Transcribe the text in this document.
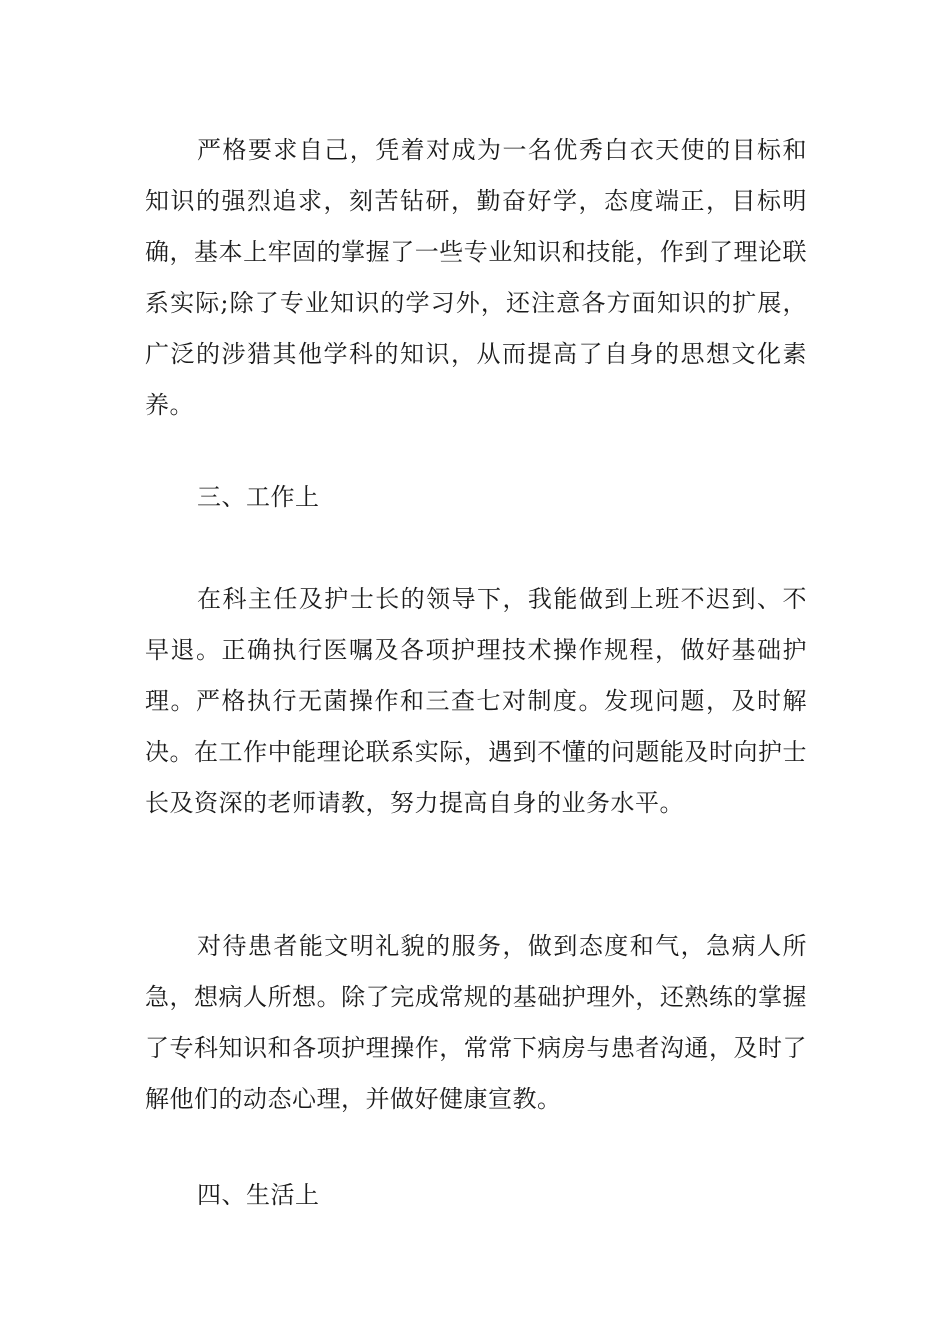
严格要求自己，凭着对成为一名优秀白衣天使的目标和知识的强烈追求，刻苦钻研，勤奋好学，态度端正，目标明确，基本上牢固的掌握了一些专业知识和技能，作到了理论联系实际;除了专业知识的学习外，还注意各方面知识的扩展，广泛的涉猎其他学科的知识，从而提高了自身的思想文化素养。

三、工作上

在科主任及护士长的领导下，我能做到上班不迟到、不早退。正确执行医嘱及各项护理技术操作规程，做好基础护理。严格执行无菌操作和三查七对制度。发现问题，及时解决。在工作中能理论联系实际，遇到不懂的问题能及时向护士长及资深的老师请教，努力提高自身的业务水平。

对待患者能文明礼貌的服务，做到态度和气，急病人所急，想病人所想。除了完成常规的基础护理外，还熟练的掌握了专科知识和各项护理操作，常常下病房与患者沟通，及时了解他们的动态心理，并做好健康宣教。

四、生活上
